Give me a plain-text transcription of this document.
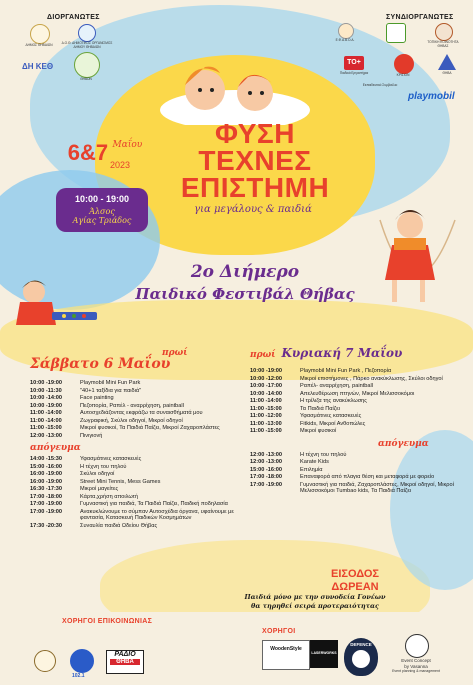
ΔΙΟΡΓΑΝΩΤΕΣ
ΔΗΜΟΣ ΘΗΒΑΙΩΝ	Δ.Ο.Θ. ΔΗΜΟΤΙΚΟΣ ΟΡΓΑΝΙΣΜΟΣ ΔΗΜΟΥ ΘΗΒΑΙΩΝ
ΔΗ ΚΕΘ
ΘΗΒΩΝ
ΣΥΝΔΙΟΡΓΑΝΩΤΕΣ
Ε.Φ.Α.Β.Ο.Α.	ΤΟΠΙΚΗ ΚΟΙΝΟΤΗΤΑ ΘΗΒΑΣ
TO+
Παιδικά Εργαστήρια	ΚΡΙΣΙΟΝ	ΘΗΒΑ
Εκπαιδευτικό Συμβούλιο
playmobil
6&7 $^{M\alpha ΐo\upsilon}$
2023
10:00 - 19:00
Άλσος
Αγίας Τριάδος
ΦΥΣΗ
ΤΕΧΝΕΣ
ΕΠΙΣΤΗΜΗ
για μεγάλους & παιδιά
2ο Διήμερο
Παιδικό Φεστιβάλ Θήβας
πρωί
Σάββατο 6 Μαΐου
10:00 -19:00	Playmobil Mini Fun Park
10:00 -11:30	"40+1 ταξίδια για παιδιά"
10:00 -14:00	Face painting
10:00 -19:00	Πεζοπορία, Ραπέλ - αναρρίχηση, paintball
11:00 -14:00	Αυτοσχεδιάζοντας εκφράζω τα συναισθήματά μου
11:00 -14:00	Ζωγραφική, Σκύλοι οδηγοί, Μικροί οδηγοί
11:00 -15:00	Μικροί φυσικοί, Τα Παιδιά Παίζει, Μικροί Ζαχαροπλάστες
12:00 -13:00	Πινιγιονή
απόγευμα
14:00 -15:30	Υφασμάτινες κατασκευές
15:00 -16:00	Η τέχνη του πηλού
16:00 -19:00	Σκύλοι οδηγοί
16:00 -19:00	Street Mini Tennis, Mess Games
16:30 -17:30	Μικροί μαγείτες
17:00 -18:00	Κάρτα,χρήση αποιλωτή
17:00 -19:00	Γυμναστική για παιδιά, Τα Παιδιά Παίζει, Παιδική ποδηλασία
17:00 -19:00	Ανακυκλώνουμε το σύμπαν Αυτοσχέδια όργανα, υφαίνουμε με φαντασία, Κατασκευή Παιδικών Κοσμημάτων
17:30 -20:30	Συναυλία παιδιά Ωδείου Θήβας
πρωί Κυριακή 7 Μαΐου
10:00 -19:00	Playmobil Mini Fun Park , Πεζοπορία
10:00 -12:00	Μικροί επιστήμονες , Πάρκο ανακύκλωσης, Σκύλοι οδηγοί
10:00 -17:00	Ραπέλ- αναρρίχηση, paintball
10:00 -14:00	Απελευθέρωση πτηνών, Μικροί Μελισσοκόμοι
11:00 -14:00	Η τρίλιζα της ανακύκλωσης
11:00 -15:00	Τα Παιδιά Παίζει
11:00 -12:00	Υφασμάτινες κατασκευές
11:00 -13:00	Fitkids, Μικροί Ανθοπώλες
11:00 -15:00	Μικροί φυσικοί
απόγευμα
12:00 -13:00	Η τέχνη του πηλού
12:00 -13:00	Karate Kids
15:00 -16:00	Επιλημία
17:00 -18:00	Επαναφορά από πλαγια θέση και μεταφορά με φορείο
17:00 -19:00	Γυμναστική για παιδιά, Ζαχαροπλάστες, Μικροί οδηγοί, Μικροί Μελισσοκόμοι Tumbao kids, Τα Παιδιά Παίζει
ΕΙΣΟΔΟΣ
ΔΩΡΕΑΝ
Παιδιά μόνο με την συνοδεία Γονέων
θα τηρηθεί σειρά προτεραιότητας
ΧΟΡΗΓΟΙ ΕΠΙΚΟΙΝΩΝΙΑΣ
102.1
ΡΑΔΙΟ
ΘΗΒΑ
ΧΟΡΗΓΟΙ
WoodenStyle
LASERWORKS
DEFENCE
Event Concept
by Vasanna
Event planning & management
